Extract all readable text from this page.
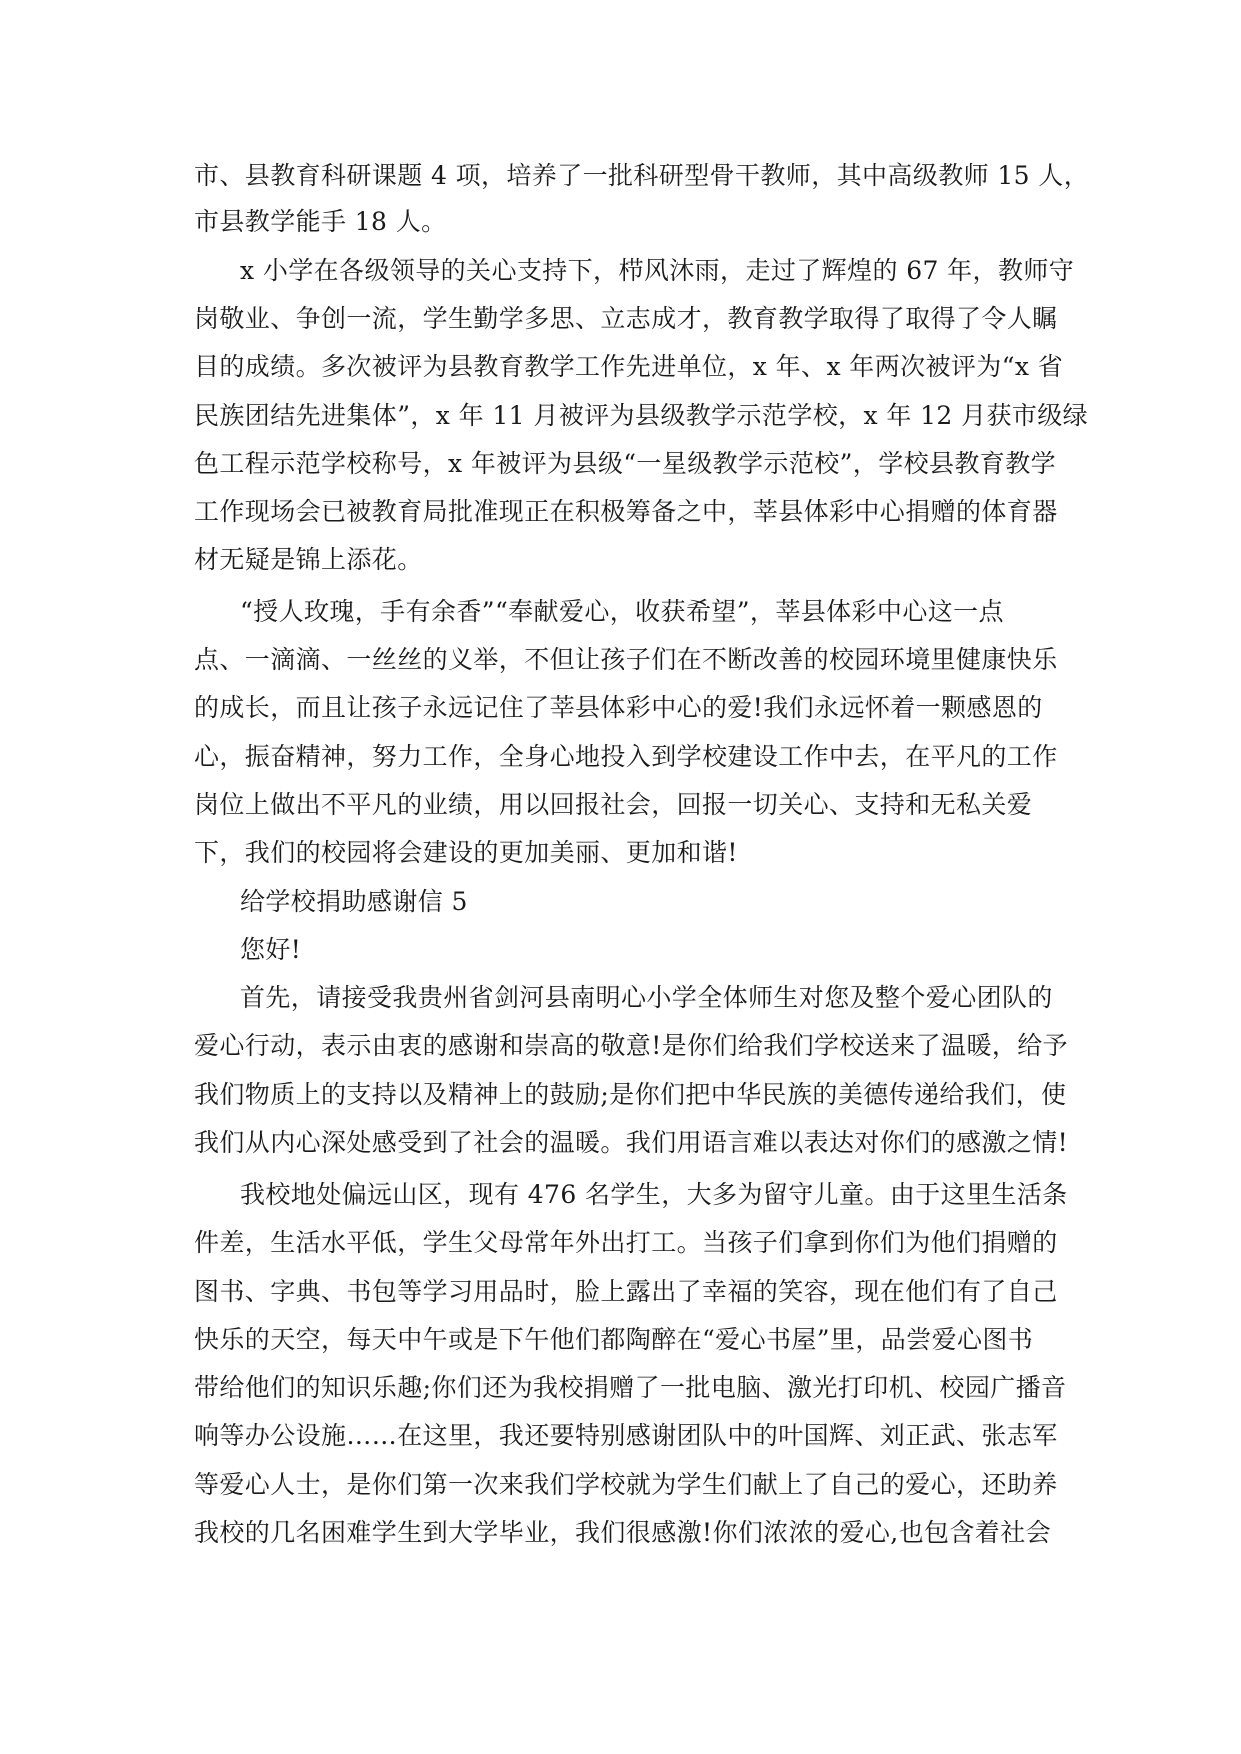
市、县教育科研课题 4 项，培养了一批科研型骨干教师，其中高级教师 15 人，
市县教学能手 18 人。
x 小学在各级领导的关心支持下，栉风沐雨，走过了辉煌的 67 年，教师守
岗敬业、争创一流，学生勤学多思、立志成才，教育教学取得了取得了令人瞩
目的成绩。多次被评为县教育教学工作先进单位，x 年、x 年两次被评为“x 省
民族团结先进集体”，x 年 11 月被评为县级教学示范学校，x 年 12 月获市级绿
色工程示范学校称号，x 年被评为县级“一星级教学示范校”，学校县教育教学
工作现场会已被教育局批准现正在积极筹备之中，莘县体彩中心捐赠的体育器
材无疑是锦上添花。
“授人玫瑰，手有余香”“奉献爱心，收获希望”，莘县体彩中心这一点
点、一滴滴、一丝丝的义举，不但让孩子们在不断改善的校园环境里健康快乐
的成长，而且让孩子永远记住了莘县体彩中心的爱!我们永远怀着一颗感恩的
心，振奋精神，努力工作，全身心地投入到学校建设工作中去，在平凡的工作
岗位上做出不平凡的业绩，用以回报社会，回报一切关心、支持和无私关爱
下，我们的校园将会建设的更加美丽、更加和谐!
给学校捐助感谢信 5
您好!
首先，请接受我贵州省剑河县南明心小学全体师生对您及整个爱心团队的
爱心行动，表示由衷的感谢和崇高的敬意!是你们给我们学校送来了温暖，给予
我们物质上的支持以及精神上的鼓励;是你们把中华民族的美德传递给我们，使
我们从内心深处感受到了社会的温暖。我们用语言难以表达对你们的感激之情!
我校地处偏远山区，现有 476 名学生，大多为留守儿童。由于这里生活条
件差，生活水平低，学生父母常年外出打工。当孩子们拿到你们为他们捐赠的
图书、字典、书包等学习用品时，脸上露出了幸福的笑容，现在他们有了自己
快乐的天空，每天中午或是下午他们都陶醉在“爱心书屋”里，品尝爱心图书
带给他们的知识乐趣;你们还为我校捐赠了一批电脑、激光打印机、校园广播音
响等办公设施……在这里，我还要特别感谢团队中的叶国辉、刘正武、张志军
等爱心人士，是你们第一次来我们学校就为学生们献上了自己的爱心，还助养
我校的几名困难学生到大学毕业，我们很感激!你们浓浓的爱心,也包含着社会
